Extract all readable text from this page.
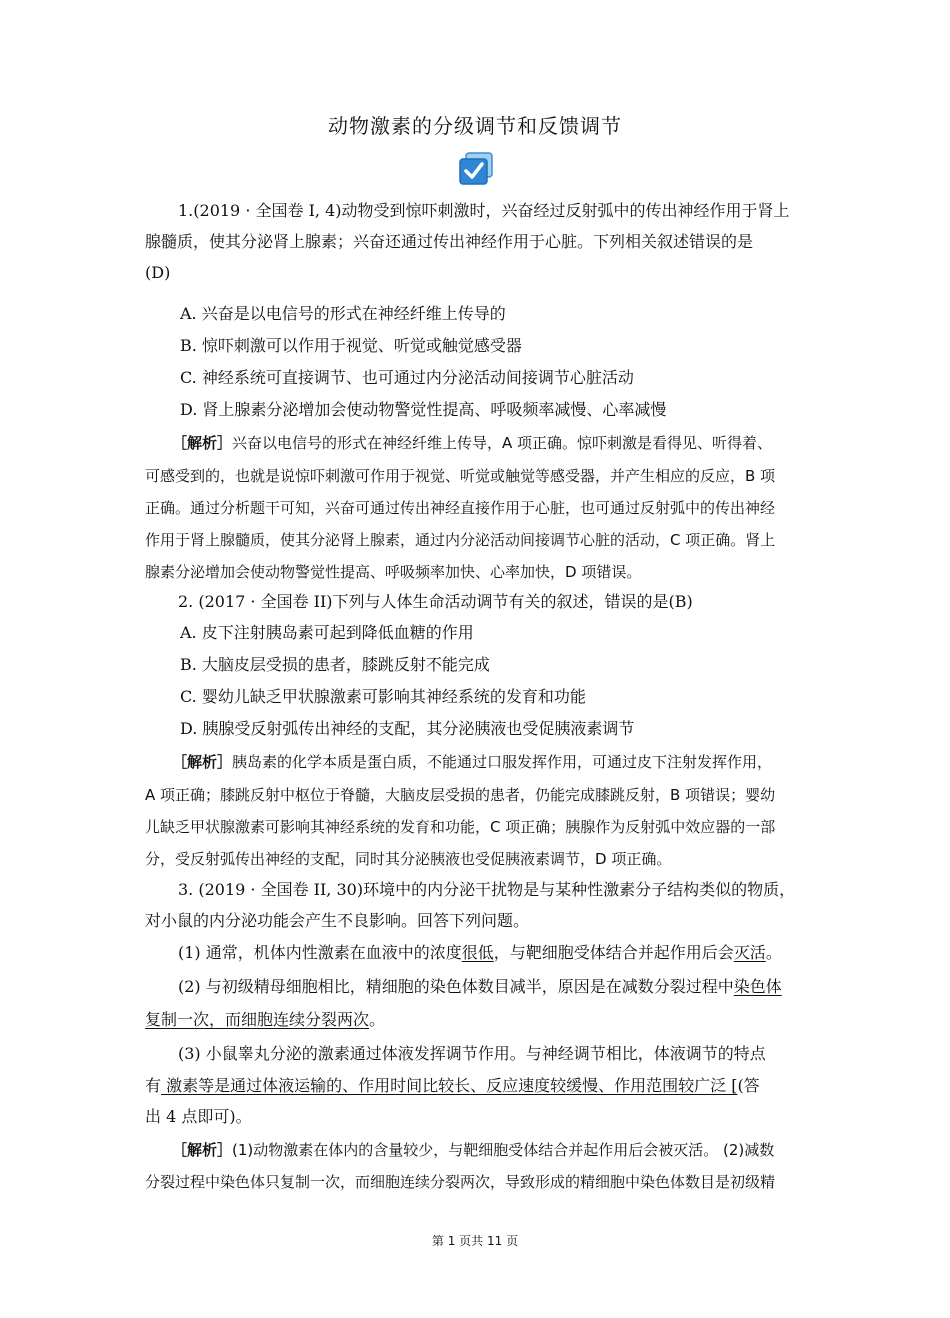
动物激素的分级调节和反馈调节
1.(2019 · 全国卷 Ⅰ, 4)动物受到惊吓刺激时，兴奋经过反射弧中的传出神经作用于肾上
腺髓质，使其分泌肾上腺素；兴奋还通过传出神经作用于心脏。下列相关叙述错误的是
(D)
A. 兴奋是以电信号的形式在神经纤维上传导的
B. 惊吓刺激可以作用于视觉、听觉或触觉感受器
C. 神经系统可直接调节、也可通过内分泌活动间接调节心脏活动
D. 肾上腺素分泌增加会使动物警觉性提高、呼吸频率减慢、心率减慢
［解析］兴奋以电信号的形式在神经纤维上传导，A 项正确。惊吓刺激是看得见、听得着、
可感受到的，也就是说惊吓刺激可作用于视觉、听觉或触觉等感受器，并产生相应的反应，B 项
正确。通过分析题干可知，兴奋可通过传出神经直接作用于心脏，也可通过反射弧中的传出神经
作用于肾上腺髓质，使其分泌肾上腺素，通过内分泌活动间接调节心脏的活动，C 项正确。肾上
腺素分泌增加会使动物警觉性提高、呼吸频率加快、心率加快，D 项错误。
2. (2017 · 全国卷 II)下列与人体生命活动调节有关的叙述，错误的是(B)
A. 皮下注射胰岛素可起到降低血糖的作用
B. 大脑皮层受损的患者，膝跳反射不能完成
C. 婴幼儿缺乏甲状腺激素可影响其神经系统的发育和功能
D. 胰腺受反射弧传出神经的支配，其分泌胰液也受促胰液素调节
［解析］胰岛素的化学本质是蛋白质，不能通过口服发挥作用，可通过皮下注射发挥作用，
A 项正确；膝跳反射中枢位于脊髓，大脑皮层受损的患者，仍能完成膝跳反射，B 项错误；婴幼
儿缺乏甲状腺激素可影响其神经系统的发育和功能，C 项正确；胰腺作为反射弧中效应器的一部
分，受反射弧传出神经的支配，同时其分泌胰液也受促胰液素调节，D 项正确。
3. (2019 · 全国卷 II, 30)环境中的内分泌干扰物是与某种性激素分子结构类似的物质，
对小鼠的内分泌功能会产生不良影响。回答下列问题。
(1) 通常，机体内性激素在血液中的浓度很低，与靶细胞受体结合并起作用后会灭活。
(2) 与初级精母细胞相比，精细胞的染色体数目减半，原因是在减数分裂过程中染色体
复制一次，而细胞连续分裂两次。
(3) 小鼠睾丸分泌的激素通过体液发挥调节作用。与神经调节相比，体液调节的特点
有 激素等是通过体液运输的、作用时间比较长、反应速度较缓慢、作用范围较广泛 [(答
出 4 点即可)。
［解析］(1)动物激素在体内的含量较少，与靶细胞受体结合并起作用后会被灭活。 (2)减数
分裂过程中染色体只复制一次，而细胞连续分裂两次，导致形成的精细胞中染色体数目是初级精
第 1 页共 11 页
